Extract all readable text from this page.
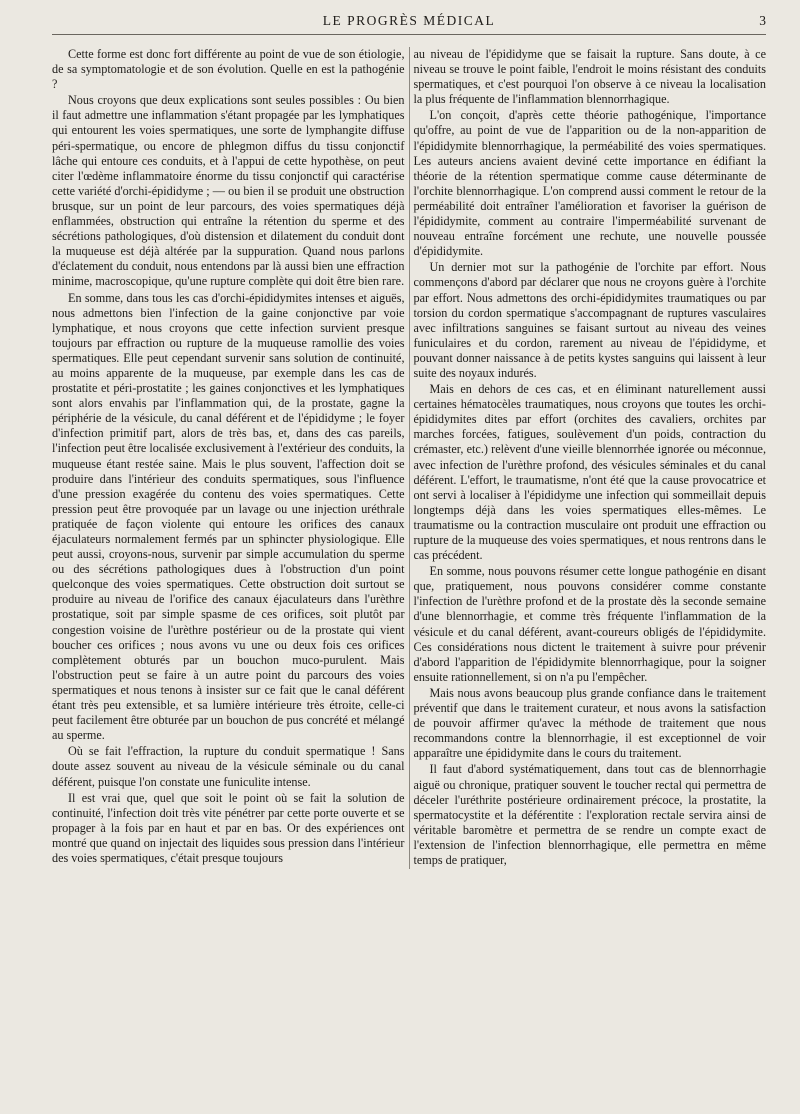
LE PROGRÈS MÉDICAL	3

Cette forme est donc fort différente au point de vue de son étiologie, de sa symptomatologie et de son évolution. Quelle en est la pathogénie ?

Nous croyons que deux explications sont seules possibles : Ou bien il faut admettre une inflammation s'étant propagée par les lymphatiques qui entourent les voies spermatiques, une sorte de lymphangite diffuse péri-spermatique, ou encore de phlegmon diffus du tissu conjonctif lâche qui entoure ces conduits, et à l'appui de cette hypothèse, on peut citer l'œdème inflammatoire énorme du tissu conjonctif qui caractérise cette variété d'orchi-épididyme ; — ou bien il se produit une obstruction brusque, sur un point de leur parcours, des voies spermatiques déjà enflammées, obstruction qui entraîne la rétention du sperme et des sécrétions pathologiques, d'où distension et dilatement du conduit dont la muqueuse est déjà altérée par la suppuration. Quand nous parlons d'éclatement du conduit, nous entendons par là aussi bien une effraction minime, macroscopique, qu'une rupture complète qui doit être bien rare.

En somme, dans tous les cas d'orchi-épididymites intenses et aiguës, nous admettons bien l'infection de la gaine conjonctive par voie lymphatique, et nous croyons que cette infection survient presque toujours par effraction ou rupture de la muqueuse ramollie des voies spermatiques. Elle peut cependant survenir sans solution de continuité, au moins apparente de la muqueuse, par exemple dans les cas de prostatite et péri-prostatite ; les gaines conjonctives et les lymphatiques sont alors envahis par l'inflammation qui, de la prostate, gagne la périphérie de la vésicule, du canal déférent et de l'épididyme ; le foyer d'infection primitif part, alors de très bas, et, dans des cas pareils, l'infection peut être localisée exclusivement à l'extérieur des conduits, la muqueuse étant restée saine. Mais le plus souvent, l'affection doit se produire dans l'intérieur des conduits spermatiques, sous l'influence d'une pression exagérée du contenu des voies spermatiques. Cette pression peut être provoquée par un lavage ou une injection uréthrale pratiquée de façon violente qui entoure les orifices des canaux éjaculateurs normalement fermés par un sphincter physiologique. Elle peut aussi, croyons-nous, survenir par simple accumulation du sperme ou des sécrétions pathologiques dues à l'obstruction d'un point quelconque des voies spermatiques. Cette obstruction doit surtout se produire au niveau de l'orifice des canaux éjaculateurs dans l'urèthre prostatique, soit par simple spasme de ces orifices, soit plutôt par congestion voisine de l'urèthre postérieur ou de la prostate qui vient boucher ces orifices ; nous avons vu une ou deux fois ces orifices complètement obturés par un bouchon muco-purulent. Mais l'obstruction peut se faire à un autre point du parcours des voies spermatiques et nous tenons à insister sur ce fait que le canal déférent étant très peu extensible, et sa lumière intérieure très étroite, celle-ci peut facilement être obturée par un bouchon de pus concrété et mélangé au sperme.

Où se fait l'effraction, la rupture du conduit spermatique ! Sans doute assez souvent au niveau de la vésicule séminale ou du canal déférent, puisque l'on constate une funiculite intense.

Il est vrai que, quel que soit le point où se fait la solution de continuité, l'infection doit très vite pénétrer par cette porte ouverte et se propager à la fois par en haut et par en bas. Or des expériences ont montré que quand on injectait des liquides sous pression dans l'intérieur des voies spermatiques, c'était presque toujours

au niveau de l'épididyme que se faisait la rupture. Sans doute, à ce niveau se trouve le point faible, l'endroit le moins résistant des conduits spermatiques, et c'est pourquoi l'on observe à ce niveau la localisation la plus fréquente de l'inflammation blennorrhagique.

L'on conçoit, d'après cette théorie pathogénique, l'importance qu'offre, au point de vue de l'apparition ou de la non-apparition de l'épididymite blennorrhagique, la perméabilité des voies spermatiques. Les auteurs anciens avaient deviné cette importance en édifiant la théorie de la rétention spermatique comme cause déterminante de l'orchite blennorrhagique. L'on comprend aussi comment le retour de la perméabilité doit entraîner l'amélioration et favoriser la guérison de l'épididymite, comment au contraire l'imperméabilité survenant de nouveau entraîne forcément une rechute, une nouvelle poussée d'épididymite.

Un dernier mot sur la pathogénie de l'orchite par effort. Nous commençons d'abord par déclarer que nous ne croyons guère à l'orchite par effort. Nous admettons des orchi-épididymites traumatiques ou par torsion du cordon spermatique s'accompagnant de ruptures vasculaires avec infiltrations sanguines se faisant surtout au niveau des veines funiculaires et du cordon, rarement au niveau de l'épididyme, et pouvant donner naissance à de petits kystes sanguins qui laissent à leur suite des noyaux indurés.

Mais en dehors de ces cas, et en éliminant naturellement aussi certaines hématocèles traumatiques, nous croyons que toutes les orchi-épididymites dites par effort (orchites des cavaliers, orchites par marches forcées, fatigues, soulèvement d'un poids, contraction du crémaster, etc.) relèvent d'une vieille blennorrhée ignorée ou méconnue, avec infection de l'urèthre profond, des vésicules séminales et du canal déférent. L'effort, le traumatisme, n'ont été que la cause provocatrice et ont servi à localiser à l'épididyme une infection qui sommeillait depuis longtemps déjà dans les voies spermatiques elles-mêmes. Le traumatisme ou la contraction musculaire ont produit une effraction ou rupture de la muqueuse des voies spermatiques, et nous rentrons dans le cas précédent.

En somme, nous pouvons résumer cette longue pathogénie en disant que, pratiquement, nous pouvons considérer comme constante l'infection de l'urèthre profond et de la prostate dès la seconde semaine d'une blennorrhagie, et comme très fréquente l'inflammation de la vésicule et du canal déférent, avant-coureurs obligés de l'épididymite. Ces considérations nous dictent le traitement à suivre pour prévenir d'abord l'apparition de l'épididymite blennorrhagique, pour la soigner ensuite rationnellement, si on n'a pu l'empêcher.

Mais nous avons beaucoup plus grande confiance dans le traitement préventif que dans le traitement curateur, et nous avons la satisfaction de pouvoir affirmer qu'avec la méthode de traitement que nous recommandons contre la blennorrhagie, il est exceptionnel de voir apparaître une épididymite dans le cours du traitement.

Il faut d'abord systématiquement, dans tout cas de blennorrhagie aiguë ou chronique, pratiquer souvent le toucher rectal qui permettra de déceler l'uréthrite postérieure ordinairement précoce, la prostatite, la spermatocystite et la déférentite : l'exploration rectale servira ainsi de véritable baromètre et permettra de se rendre un compte exact de l'extension de l'infection blennorrhagique, elle permettra en même temps de pratiquer,
